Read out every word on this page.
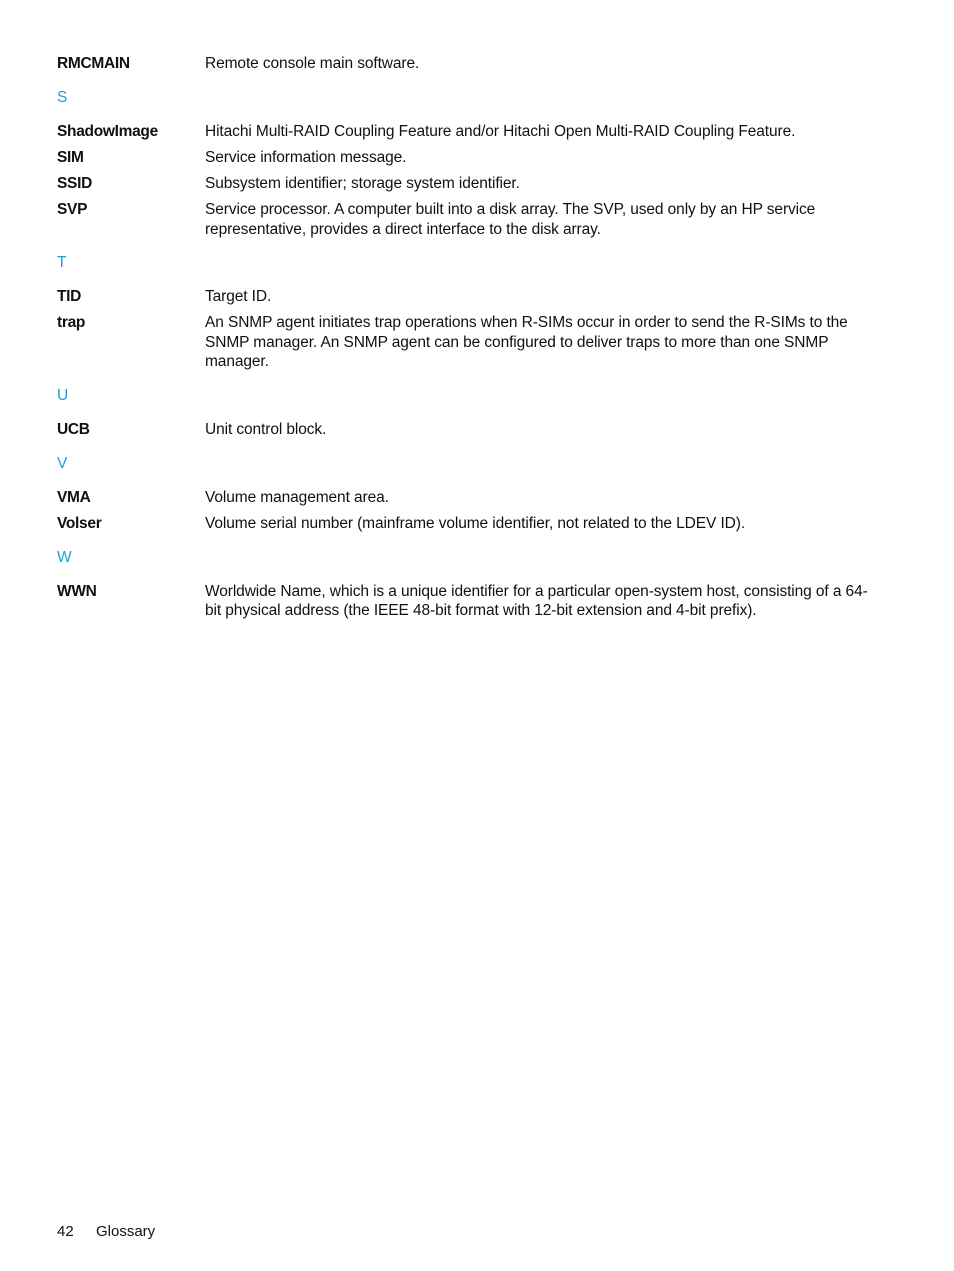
RMCMAIN	Remote console main software.
S
ShadowImage	Hitachi Multi-RAID Coupling Feature and/or Hitachi Open Multi-RAID Coupling Feature.
SIM	Service information message.
SSID	Subsystem identifier; storage system identifier.
SVP	Service processor. A computer built into a disk array. The SVP, used only by an HP service representative, provides a direct interface to the disk array.
T
TID	Target ID.
trap	An SNMP agent initiates trap operations when R-SIMs occur in order to send the R-SIMs to the SNMP manager. An SNMP agent can be configured to deliver traps to more than one SNMP manager.
U
UCB	Unit control block.
V
VMA	Volume management area.
Volser	Volume serial number (mainframe volume identifier, not related to the LDEV ID).
W
WWN	Worldwide Name, which is a unique identifier for a particular open-system host, consisting of a 64-bit physical address (the IEEE 48-bit format with 12-bit extension and 4-bit prefix).
42	Glossary
